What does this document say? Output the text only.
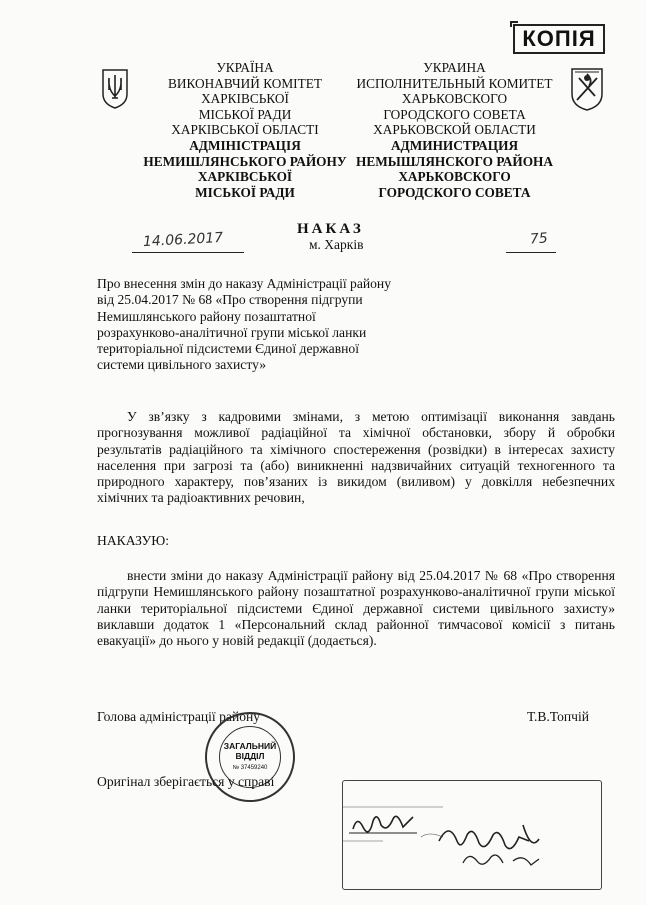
КОПІЯ
УКРАЇНА
ВИКОНАВЧИЙ КОМІТЕТ
ХАРКІВСЬКОЇ
МІСЬКОЇ РАДИ
ХАРКІВСЬКОЇ ОБЛАСТІ
АДМІНІСТРАЦІЯ
НЕМИШЛЯНСЬКОГО РАЙОНУ
ХАРКІВСЬКОЇ
МІСЬКОЇ РАДИ
УКРАИНА
ИСПОЛНИТЕЛЬНЫЙ КОМИТЕТ
ХАРЬКОВСКОГО
ГОРОДСКОГО СОВЕТА
ХАРЬКОВСКОЙ ОБЛАСТИ
АДМИНИСТРАЦИЯ
НЕМЫШЛЯНСКОГО РАЙОНА
ХАРЬКОВСКОГО
ГОРОДСКОГО СОВЕТА
НАКАЗ
14.06.2017	м. Харків	75
Про внесення змін до наказу Адміністрації району від 25.04.2017 № 68 «Про створення підгрупи Немишлянського району позаштатної розрахунково-аналітичної групи міської ланки територіальної підсистеми Єдиної державної системи цивільного захисту»
У зв’язку з кадровими змінами, з метою оптимізації виконання завдань прогнозування можливої радіаційної та хімічної обстановки, збору й обробки результатів радіаційного та хімічного спостереження (розвідки) в інтересах захисту населення при загрозі та (або) виникненні надзвичайних ситуацій техногенного та природного характеру, пов’язаних із викидом (виливом) у довкілля небезпечних хімічних та радіоактивних речовин,
НАКАЗУЮ:
внести зміни до наказу Адміністрації району від 25.04.2017 № 68 «Про створення підгрупи Немишлянського району позаштатної розрахунково-аналітичної групи міської ланки територіальної підсистеми Єдиної державної системи цивільного захисту» виклавши додаток 1 «Персональний склад районної тимчасової комісії з питань евакуації» до нього у новій редакції (додається).
Голова адміністрації району	Т.В.Топчій
ЗАГАЛЬНИЙ
ВІДДІЛ
№ 37459240
Оригінал зберігається у справі
